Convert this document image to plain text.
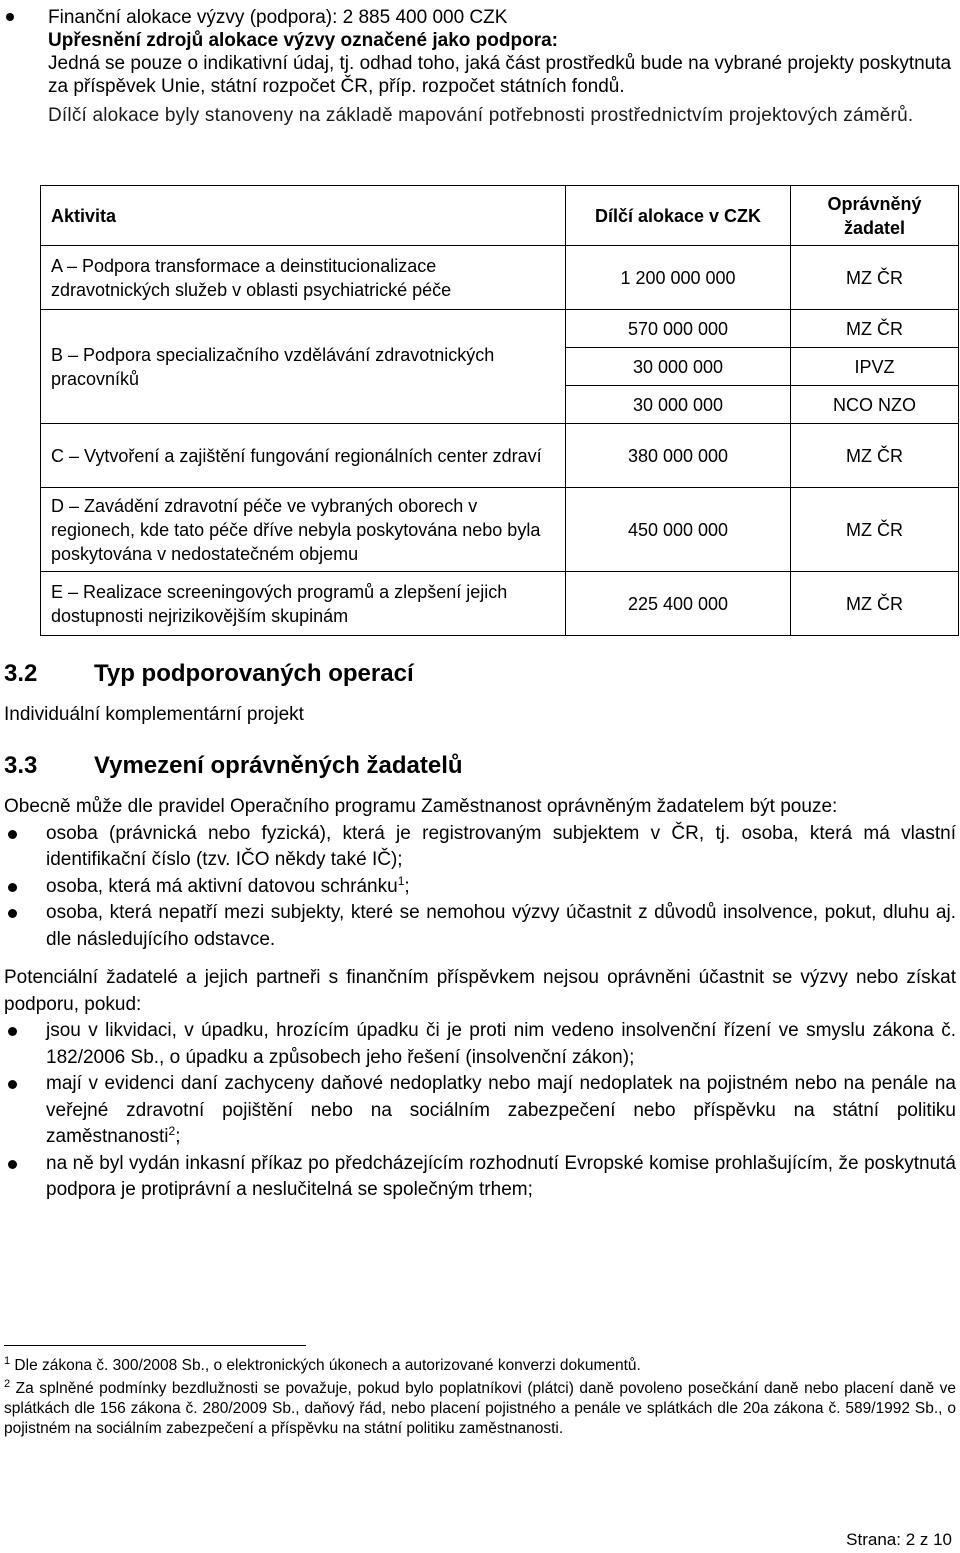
Finanční alokace výzvy (podpora): 2 885 400 000 CZK

Upřesnění zdrojů alokace výzvy označené jako podpora:

Jedná se pouze o indikativní údaj, tj. odhad toho, jaká část prostředků bude na vybrané projekty poskytnuta za příspěvek Unie, státní rozpočet ČR, příp. rozpočet státních fondů.

Dílčí alokace byly stanoveny na základě mapování potřebnosti prostřednictvím projektových záměrů.

Aktivita	Dílčí alokace v CZK	Oprávněný žadatel
A – Podpora transformace a deinstitucionalizace zdravotnických služeb v oblasti psychiatrické péče	1 200 000 000	MZ ČR
B – Podpora specializačního vzdělávání zdravotnických pracovníků	570 000 000	MZ ČR
	30 000 000	IPVZ
	30 000 000	NCO NZO
C – Vytvoření a zajištění fungování regionálních center zdraví	380 000 000	MZ ČR
D – Zavádění zdravotní péče ve vybraných oborech v regionech, kde tato péče dříve nebyla poskytována nebo byla poskytována v nedostatečném objemu	450 000 000	MZ ČR
E – Realizace screeningových programů a zlepšení jejich dostupnosti nejrizikovějším skupinám	225 400 000	MZ ČR
3.2 Typ podporovaných operací

Individuální komplementární projekt

3.3 Vymezení oprávněných žadatelů

Obecně může dle pravidel Operačního programu Zaměstnanost oprávněným žadatelem být pouze:

osoba (právnická nebo fyzická), která je registrovaným subjektem v ČR, tj. osoba, která má vlastní identifikační číslo (tzv. IČO někdy také IČ);
osoba, která má aktivní datovou schránku$^1$;
osoba, která nepatří mezi subjekty, které se nemohou výzvy účastnit z důvodů insolvence, pokut, dluhu aj. dle následujícího odstavce.

Potenciální žadatelé a jejich partneři s finančním příspěvkem nejsou oprávněni účastnit se výzvy nebo získat podporu, pokud:

jsou v likvidaci, v úpadku, hrozícím úpadku či je proti nim vedeno insolvenční řízení ve smyslu zákona č. 182/2006 Sb., o úpadku a způsobech jeho řešení (insolvenční zákon);
mají v evidenci daní zachyceny daňové nedoplatky nebo mají nedoplatek na pojistném nebo na penále na veřejné zdravotní pojištění nebo na sociálním zabezpečení nebo příspěvku na státní politiku zaměstnanosti$^2$;
na ně byl vydán inkasní příkaz po předcházejícím rozhodnutí Evropské komise prohlašujícím, že poskytnutá podpora je protiprávní a neslučitelná se společným trhem;

$^1$ Dle zákona č. 300/2008 Sb., o elektronických úkonech a autorizované konverzi dokumentů.

$^2$ Za splněné podmínky bezdlužnosti se považuje, pokud bylo poplatníkovi (plátci) daně povoleno posečkání daně nebo placení daně ve splátkách dle 156 zákona č. 280/2009 Sb., daňový řád, nebo placení pojistného a penále ve splátkách dle 20a zákona č. 589/1992 Sb., o pojistném na sociálním zabezpečení a příspěvku na státní politiku zaměstnanosti.

Strana: 2 z 10
